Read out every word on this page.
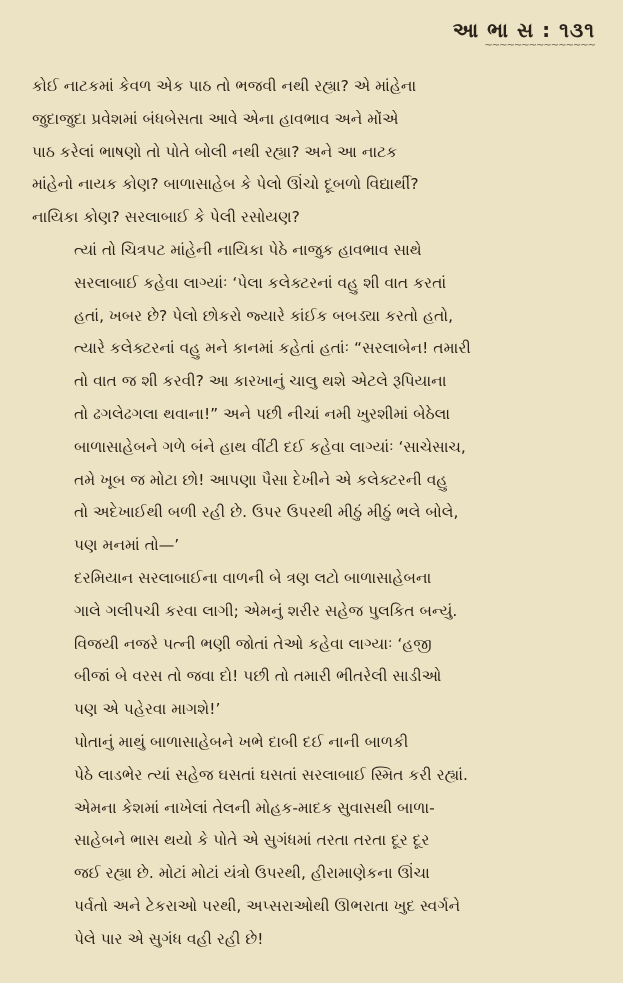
આ ભા સ : ૧૩૧
~~~~~~~~~~~~~~~

કોઈ નાટકમાં કેવળ એક પાઠ તો ભજવી નથી રહ્યા? એ માંહેના
જુદાજુદા પ્રવેશમાં બંધબેસતા આવે એના હાવભાવ અને મોંએ
પાઠ કરેલાં ભાષણો તો પોતે બોલી નથી રહ્યા? અને આ નાટક
માંહેનો નાયક કોણ? બાળાસાહેબ કે પેલો ઊંચો દૂબળો વિદ્યાર્થી?
નાયિકા કોણ? સરલાબાઈ કે પેલી રસોયણ?

ત્યાં તો ચિત્રપટ માંહેની નાયિકા પેઠે નાજુક હાવભાવ સાથે
સરલાબાઈ કહેવા લાગ્યાંઃ ‘પેલા કલેક્ટરનાં વહુ શી વાત કરતાં
હતાં, ખબર છે? પેલો છોકરો જ્યારે કાંઈક બબડ્યા કરતો હતો,
ત્યારે કલેક્ટરનાં વહુ મને કાનમાં કહેતાં હતાંઃ “સરલાબેન! તમારી
તો વાત જ શી કરવી? આ કારખાનું ચાલુ થશે એટલે રૂપિયાના
તો ઢગલેઢગલા થવાના!” અને પછી નીચાં નમી ખુરશીમાં બેઠેલા
બાળાસાહેબને ગળે બંને હાથ વીંટી દઈ કહેવા લાગ્યાંઃ ‘સાચેસાચ,
તમે ખૂબ જ મોટા છો! આપણા પૈસા દેખીને એ કલેક્ટરની વહુ
તો અદેખાઈથી બળી રહી છે. ઉપર ઉપરથી મીઠું મીઠું ભલે બોલે,
પણ મનમાં તો—’

દરમિયાન સરલાબાઈના વાળની બે ત્રણ લટો બાળાસાહેબના
ગાલે ગલીપચી કરવા લાગી; એમનું શરીર સહેજ પુલકિત બન્યું.
વિજયી નજરે પત્ની ભણી જોતાં તેઓ કહેવા લાગ્યાઃ ‘હજી
બીજાં બે વરસ તો જવા દો! પછી તો તમારી ભીતરેલી સાડીઓ
પણ એ પહેરવા માગશે!’

પોતાનું માથું બાળાસાહેબને ખભે દાબી દઈ નાની બાળકી
પેઠે લાડભેર ત્યાં સહેજ ઘસતાં ઘસતાં સરલાબાઈ સ્મિત કરી રહ્યાં.

એમના કેશમાં નાખેલાં તેલની મોહક-માદક સુવાસથી બાળા-
સાહેબને ભાસ થયો કે પોતે એ સુગંધમાં તરતા તરતા દૂર દૂર
જઈ રહ્યા છે. મોટાં મોટાં યંત્રો ઉપરથી, હીરામાણેકના ઊંચા
પર્વતો અને ટેકરાઓ પરથી, અપ્સરાઓથી ઊભરાતા ખુદ સ્વર્ગને
પેલે પાર એ સુગંધ વહી રહી છે!
